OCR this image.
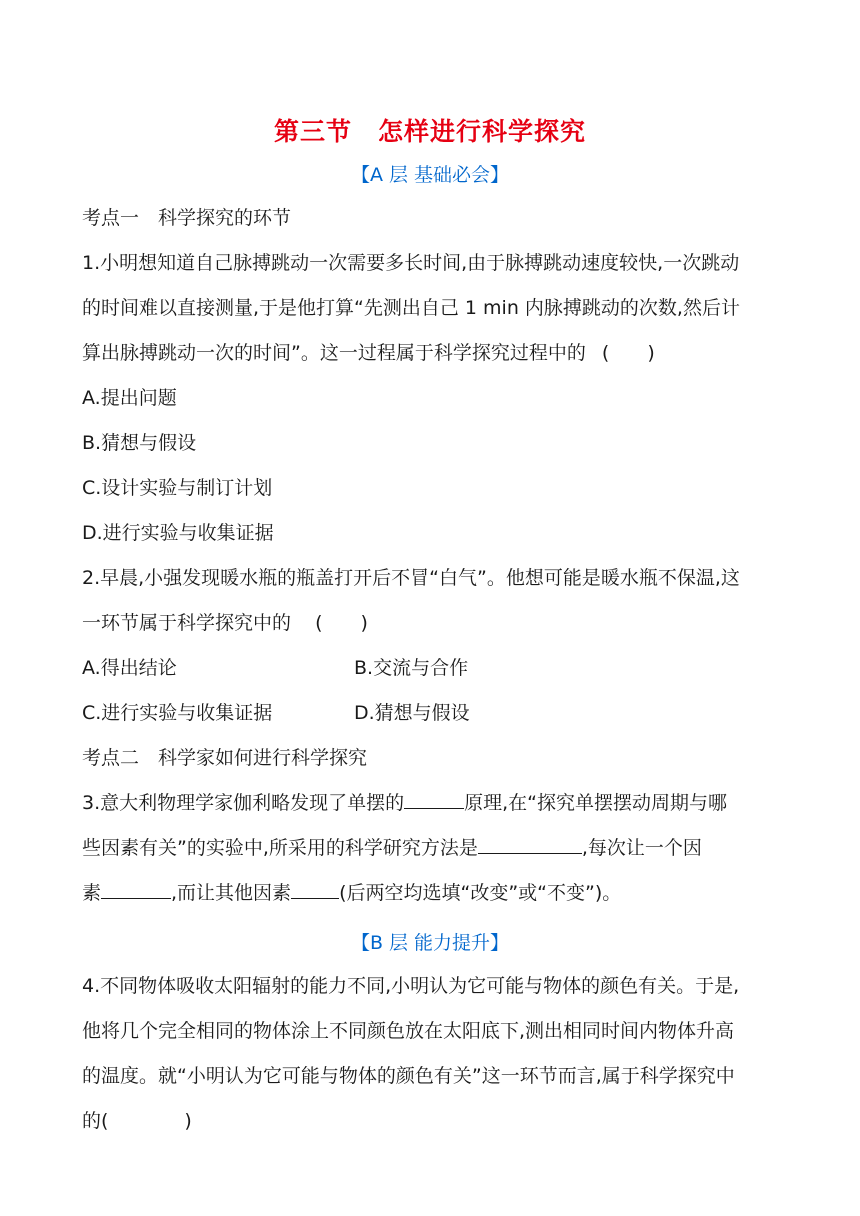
第三节　怎样进行科学探究
【A 层 基础必会】
考点一　科学探究的环节
1.小明想知道自己脉搏跳动一次需要多长时间,由于脉搏跳动速度较快,一次跳动
的时间难以直接测量,于是他打算“先测出自己 1 min 内脉搏跳动的次数,然后计
算出脉搏跳动一次的时间”。这一过程属于科学探究过程中的 (　　)
A.提出问题
B.猜想与假设
C.设计实验与制订计划
D.进行实验与收集证据
2.早晨,小强发现暖水瓶的瓶盖打开后不冒“白气”。他想可能是暖水瓶不保温,这
一环节属于科学探究中的 (　　)
A.得出结论	B.交流与合作
C.进行实验与收集证据	D.猜想与假设
考点二　科学家如何进行科学探究
3.意大利物理学家伽利略发现了单摆的	原理,在“探究单摆摆动周期与哪
些因素有关”的实验中,所采用的科学研究方法是	,每次让一个因
素	,而让其他因素	(后两空均选填“改变”或“不变”)。
【B 层 能力提升】
4.不同物体吸收太阳辐射的能力不同,小明认为它可能与物体的颜色有关。于是,
他将几个完全相同的物体涂上不同颜色放在太阳底下,测出相同时间内物体升高
的温度。就“小明认为它可能与物体的颜色有关”这一环节而言,属于科学探究中
的(　　　　)
